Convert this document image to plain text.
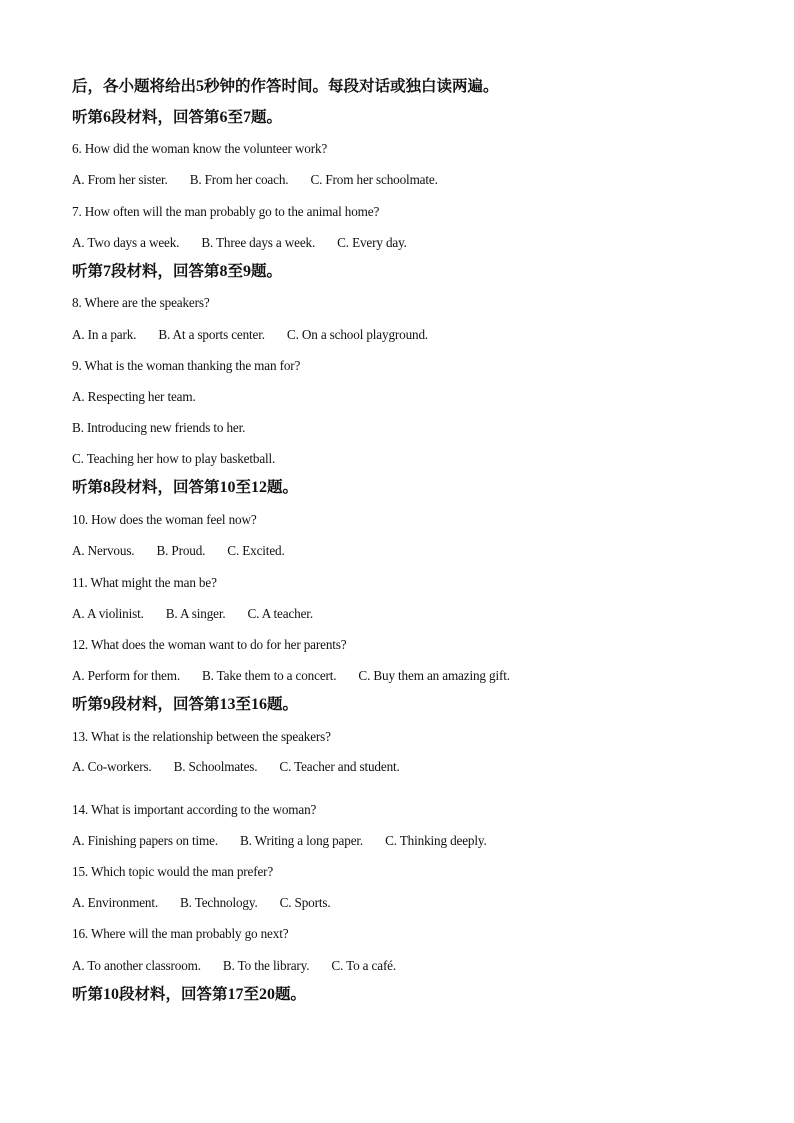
后，各小题将给出5秒钟的作答时间。每段对话或独白读两遍。
听第6段材料，回答第6至7题。
6. How did the woman know the volunteer work?
A. From her sister. B. From her coach. C. From her schoolmate.
7. How often will the man probably go to the animal home?
A. Two days a week. B. Three days a week. C. Every day.
听第7段材料，回答第8至9题。
8. Where are the speakers?
A. In a park. B. At a sports center. C. On a school playground.
9. What is the woman thanking the man for?
A. Respecting her team.
B. Introducing new friends to her.
C. Teaching her how to play basketball.
听第8段材料，回答第10至12题。
10. How does the woman feel now?
A. Nervous. B. Proud. C. Excited.
11. What might the man be?
A. A violinist. B. A singer. C. A teacher.
12. What does the woman want to do for her parents?
A. Perform for them. B. Take them to a concert. C. Buy them an amazing gift.
听第9段材料，回答第13至16题。
13. What is the relationship between the speakers?
A. Co-workers. B. Schoolmates. C. Teacher and student.
14. What is important according to the woman?
A. Finishing papers on time. B. Writing a long paper. C. Thinking deeply.
15. Which topic would the man prefer?
A. Environment. B. Technology. C. Sports.
16. Where will the man probably go next?
A. To another classroom. B. To the library. C. To a café.
听第10段材料，回答第17至20题。
